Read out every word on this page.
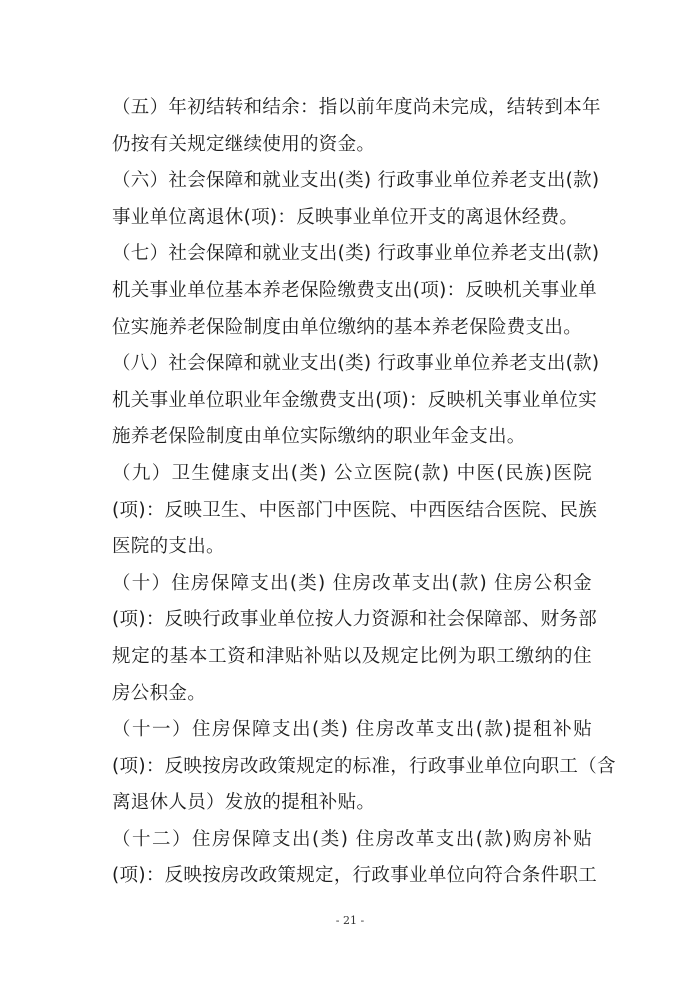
（五）年初结转和结余：指以前年度尚未完成，结转到本年
仍按有关规定继续使用的资金。
（六）社会保障和就业支出(类) 行政事业单位养老支出(款)
事业单位离退休(项)：反映事业单位开支的离退休经费。
（七）社会保障和就业支出(类) 行政事业单位养老支出(款)
机关事业单位基本养老保险缴费支出(项)：反映机关事业单
位实施养老保险制度由单位缴纳的基本养老保险费支出。
（八）社会保障和就业支出(类) 行政事业单位养老支出(款)
机关事业单位职业年金缴费支出(项)：反映机关事业单位实
施养老保险制度由单位实际缴纳的职业年金支出。
（九）卫生健康支出(类) 公立医院(款) 中医(民族)医院
(项)：反映卫生、中医部门中医院、中西医结合医院、民族
医院的支出。
（十）住房保障支出(类) 住房改革支出(款) 住房公积金
(项)：反映行政事业单位按人力资源和社会保障部、财务部
规定的基本工资和津贴补贴以及规定比例为职工缴纳的住
房公积金。
（十一）住房保障支出(类) 住房改革支出(款)提租补贴
(项)：反映按房改政策规定的标准，行政事业单位向职工（含
离退休人员）发放的提租补贴。
（十二）住房保障支出(类) 住房改革支出(款)购房补贴
(项)：反映按房改政策规定，行政事业单位向符合条件职工
- 21 -
